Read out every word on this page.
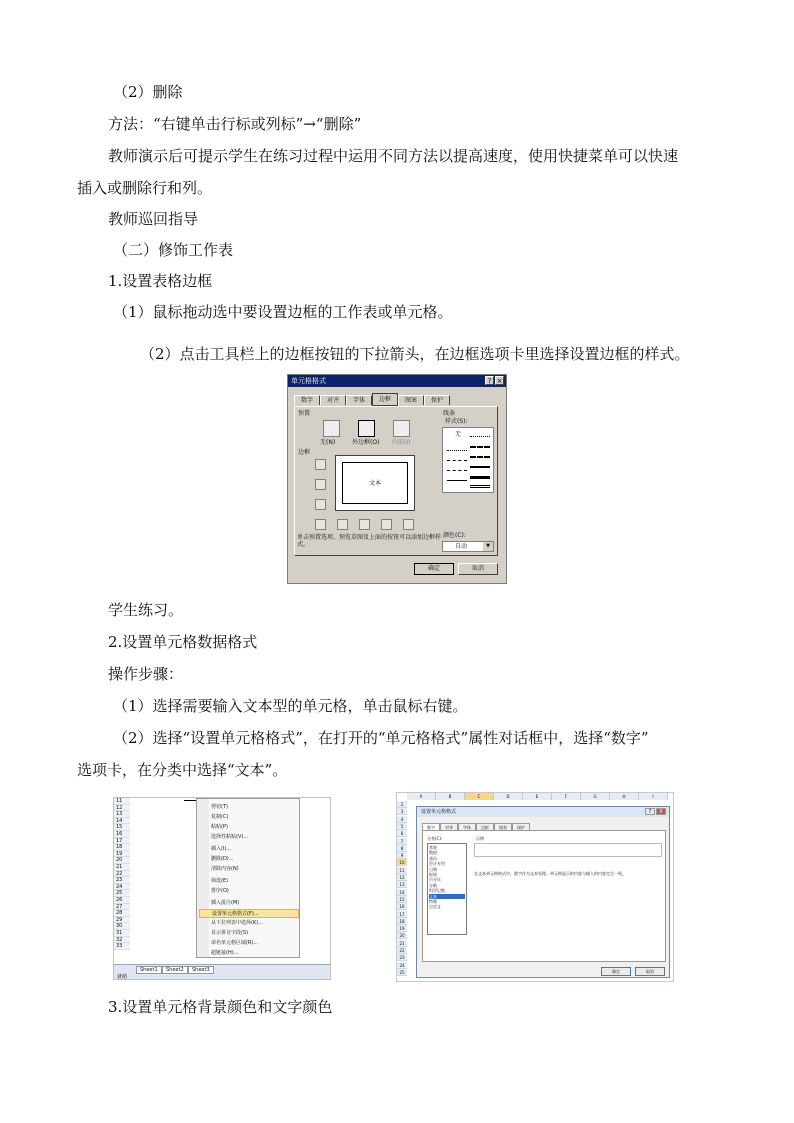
（2）删除
方法：“右键单击行标或列标”→“删除”
教师演示后可提示学生在练习过程中运用不同方法以提高速度，使用快捷菜单可以快速
插入或删除行和列。
教师巡回指导
（二）修饰工作表
1.设置表格边框
（1）鼠标拖动选中要设置边框的工作表或单元格。
（2）点击工具栏上的边框按钮的下拉箭头，在边框选项卡里选择设置边框的样式。
单元格格式	? ×
数字	对齐	字体	边框	图案	保护
预置
无(N)	外边框(O) 内部(I)
边框
文本
线条
样式(S):
无
颜色(C):
自动	▼
单击预置选项、预览草图及上面的按钮可以添加边框样
式。
确定	取消
学生练习。
2.设置单元格数据格式
操作步骤：
（1）选择需要输入文本型的单元格，单击鼠标右键。
（2）选择“设置单元格格式”，在打开的“单元格格式”属性对话框中，选择“数字”
选项卡，在分类中选择“文本”。
11
12
13
14
15
16
17
18
19
20
21
22
23
24
25
26
27
28
29
30
31
32
33
剪切(T)
复制(C)
粘贴(P)
选择性粘贴(V)...
插入(I)...
删除(D)...
清除内容(N)
筛选(E)
排序(O)
插入批注(M)
设置单元格格式(F)...
从下拉列表中选择(K)...
显示拼音字段(S)
命名单元格区域(R)...
超链接(H)...
Sheet1	Sheet2	Sheet3
就绪
A	B	C	D	E	F	G	H	I
2
3
4
5
6
7
8
9
10
11
12
13
14
15
16
17
18
19
20
21
22
23
24
25
设置单元格格式	?	X
数字	对齐	字体	边框	填充	保护
分类(C):
常规
数值
货币
会计专用
日期
时间
百分比
分数
科学记数
文本
特殊
自定义
示例
在文本单元格格式中，数字作为文本处理。单元格显示的内容与输入的内容完全一致。
确定	取消
3.设置单元格背景颜色和文字颜色
